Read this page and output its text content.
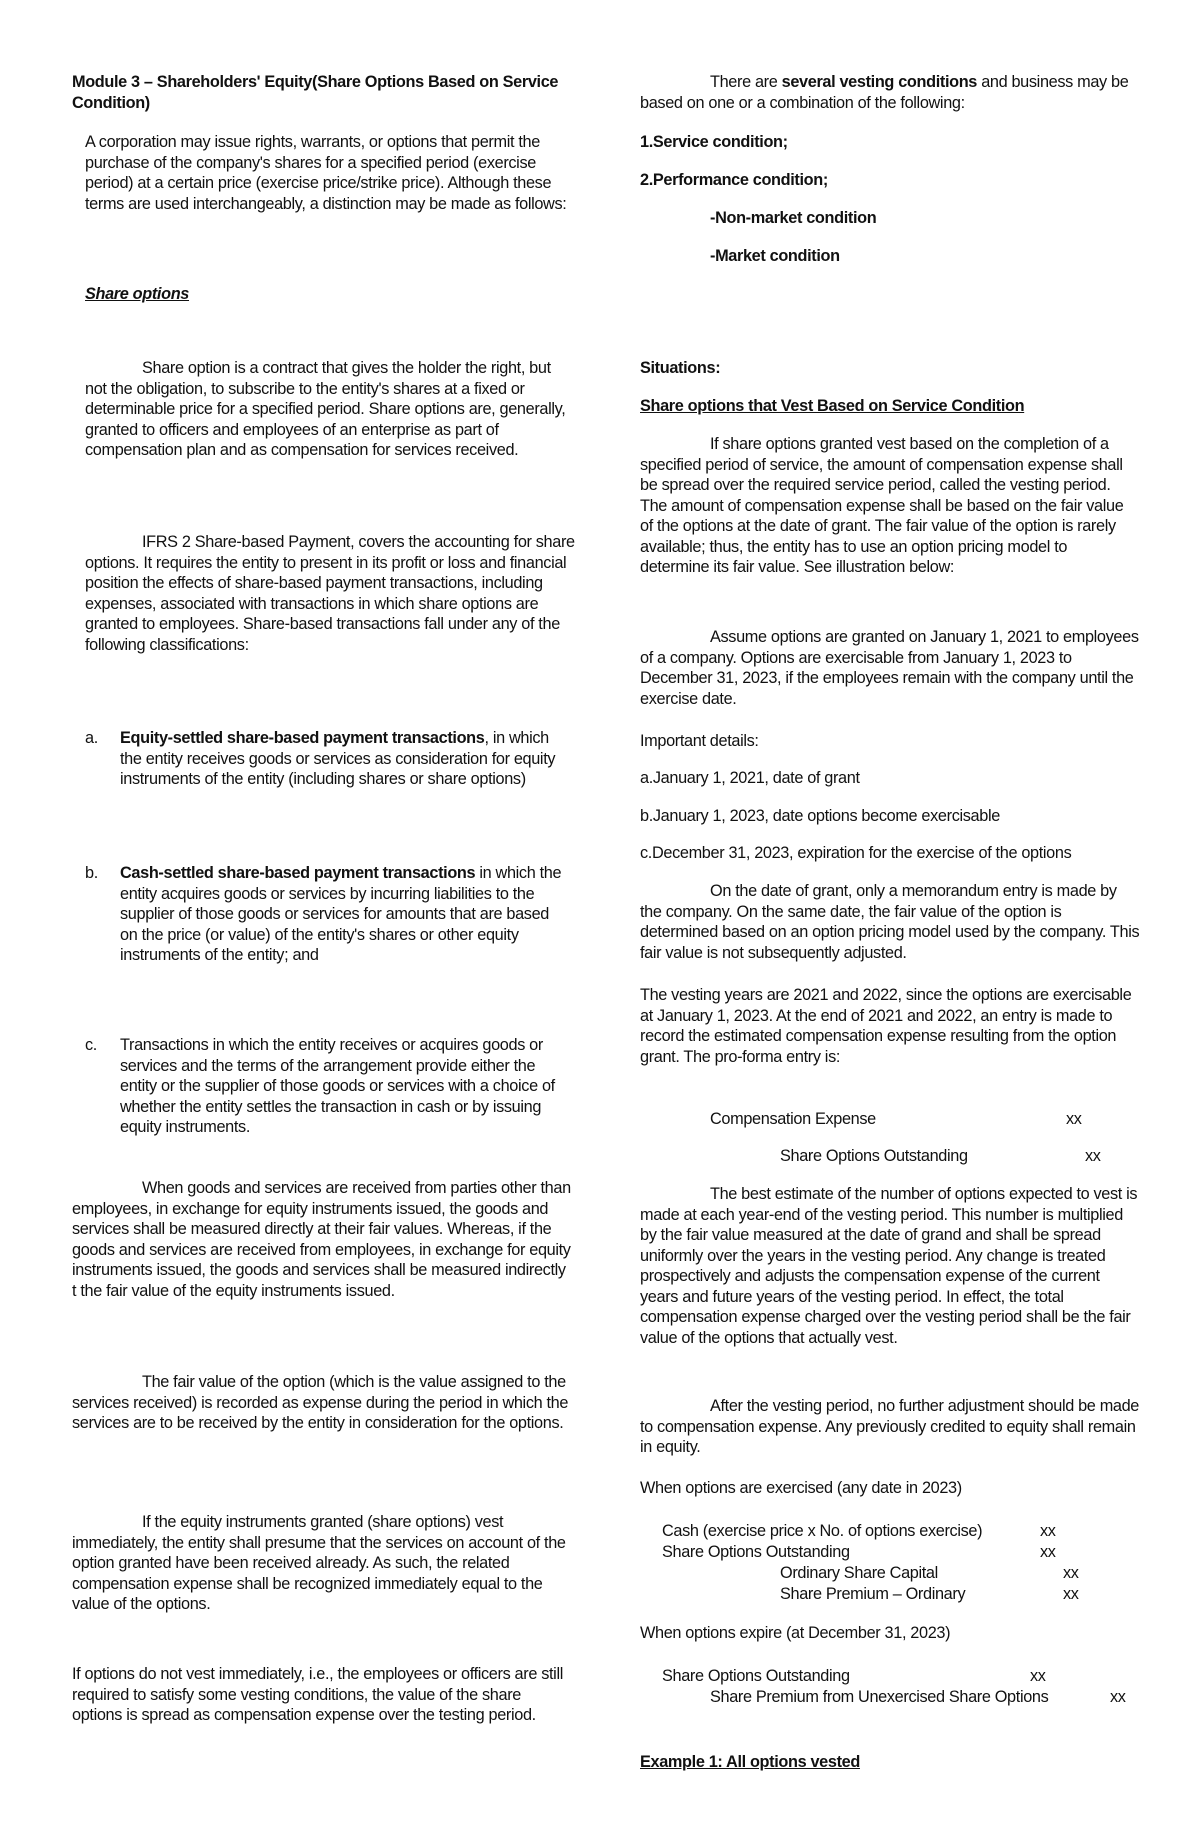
Module 3 – Shareholders' Equity(Share Options Based on Service Condition)

A corporation may issue rights, warrants, or options that permit the purchase of the company's shares for a specified period (exercise period) at a certain price (exercise price/strike price). Although these terms are used interchangeably, a distinction may be made as follows:

Share options

Share option is a contract that gives the holder the right, but not the obligation, to subscribe to the entity's shares at a fixed or determinable price for a specified period. Share options are, generally, granted to officers and employees of an enterprise as part of compensation plan and as compensation for services received.

IFRS 2 Share-based Payment, covers the accounting for share options. It requires the entity to present in its profit or loss and financial position the effects of share-based payment transactions, including expenses, associated with transactions in which share options are granted to employees. Share-based transactions fall under any of the following classifications:

a. Equity-settled share-based payment transactions, in which the entity receives goods or services as consideration for equity instruments of the entity (including shares or share options)

b. Cash-settled share-based payment transactions in which the entity acquires goods or services by incurring liabilities to the supplier of those goods or services for amounts that are based on the price (or value) of the entity's shares or other equity instruments of the entity; and

c. Transactions in which the entity receives or acquires goods or services and the terms of the arrangement provide either the entity or the supplier of those goods or services with a choice of whether the entity settles the transaction in cash or by issuing equity instruments.

When goods and services are received from parties other than employees, in exchange for equity instruments issued, the goods and services shall be measured directly at their fair values. Whereas, if the goods and services are received from employees, in exchange for equity instruments issued, the goods and services shall be measured indirectly t the fair value of the equity instruments issued.

The fair value of the option (which is the value assigned to the services received) is recorded as expense during the period in which the services are to be received by the entity in consideration for the options.

If the equity instruments granted (share options) vest immediately, the entity shall presume that the services on account of the option granted have been received already. As such, the related compensation expense shall be recognized immediately equal to the value of the options.

If options do not vest immediately, i.e., the employees or officers are still required to satisfy some vesting conditions, the value of the share options is spread as compensation expense over the testing period.

There are several vesting conditions and business may be based on one or a combination of the following:

1.Service condition;

2.Performance condition;

-Non-market condition

-Market condition

Situations:

Share options that Vest Based on Service Condition

If share options granted vest based on the completion of a specified period of service, the amount of compensation expense shall be spread over the required service period, called the vesting period. The amount of compensation expense shall be based on the fair value of the options at the date of grant. The fair value of the option is rarely available; thus, the entity has to use an option pricing model to determine its fair value. See illustration below:

Assume options are granted on January 1, 2021 to employees of a company. Options are exercisable from January 1, 2023 to December 31, 2023, if the employees remain with the company until the exercise date.

Important details:

a.January 1, 2021, date of grant

b.January 1, 2023, date options become exercisable

c.December 31, 2023, expiration for the exercise of the options

On the date of grant, only a memorandum entry is made by the company. On the same date, the fair value of the option is determined based on an option pricing model used by the company. This fair value is not subsequently adjusted.

The vesting years are 2021 and 2022, since the options are exercisable at January 1, 2023. At the end of 2021 and 2022, an entry is made to record the estimated compensation expense resulting from the option grant. The pro-forma entry is:

Compensation Expense	xx
Share Options Outstanding	xx

The best estimate of the number of options expected to vest is made at each year-end of the vesting period. This number is multiplied by the fair value measured at the date of grand and shall be spread uniformly over the years in the vesting period. Any change is treated prospectively and adjusts the compensation expense of the current years and future years of the vesting period. In effect, the total compensation expense charged over the vesting period shall be the fair value of the options that actually vest.

After the vesting period, no further adjustment should be made to compensation expense. Any previously credited to equity shall remain in equity.

When options are exercised (any date in 2023)

Cash (exercise price x No. of options exercise)	xx
Share Options Outstanding	xx
Ordinary Share Capital	xx
Share Premium – Ordinary	xx

When options expire (at December 31, 2023)

Share Options Outstanding	xx
Share Premium from Unexercised Share Options	xx

Example 1: All options vested
